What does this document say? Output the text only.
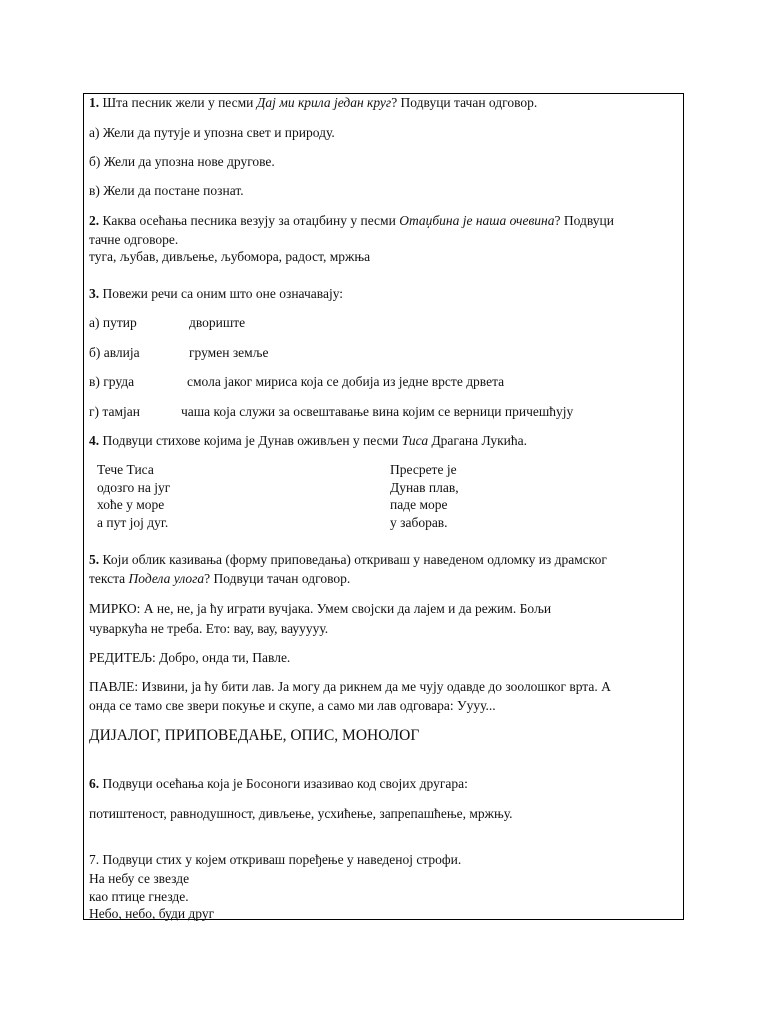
1. Шта песник жели у песми Дај ми крила један круг? Подвуци тачан одговор.
а) Жели да путује и упозна свет и природу.
б) Жели да упозна нове другове.
в) Жели да постане познат.
2. Каква осећања песника везују за отаџбину у песми Отаџбина је наша очевина? Подвуци
тачне одговоре.
туга, љубав, дивљење, љубомора, радост, мржња
3. Повежи речи са оним што оне означавају:
а) путир	двориште
б) авлија	грумен земље
в) груда	смола јаког мириса која се добија из једне врсте дрвета
г) тамјан	чаша која служи за освештавање вина којим се верници причешћују
4. Подвуци стихове којима је Дунав оживљен у песми Тиса Драгана Лукића.
Тече Тиса
одозго на југ
хоће у море
а пут јој дуг.
Пресрете је
Дунав плав,
паде море
у заборав.
5. Који облик казивања (форму приповедања) откриваш у наведеном одломку из драмског
текста Подела улога? Подвуци тачан одговор.
МИРКО: А не, не, ја ћу играти вучјака. Умем својски да лајем и да режим. Бољи
чуваркућа не треба. Ето: вау, вау, ваууууу.
РЕДИТЕЉ: Добро, онда ти, Павле.
ПАВЛЕ: Извини, ја ћу бити лав. Ја могу да рикнем да ме чују одавде до зоолошког врта. А
онда се тамо све звери покуње и скупе, а само ми лав одговара: Уууу...
ДИЈАЛОГ, ПРИПОВЕДАЊЕ, ОПИС, МОНОЛОГ
6. Подвуци осећања која је Босоноги изазивао код својих другара:
потиштеност, равнодушност, дивљење, усхићење, запрепашћење, мржњу.
7. Подвуци стих у којем откриваш поређење у наведеној строфи.
На небу се звезде
као птице гнезде.
Небо, небо, буди друг
